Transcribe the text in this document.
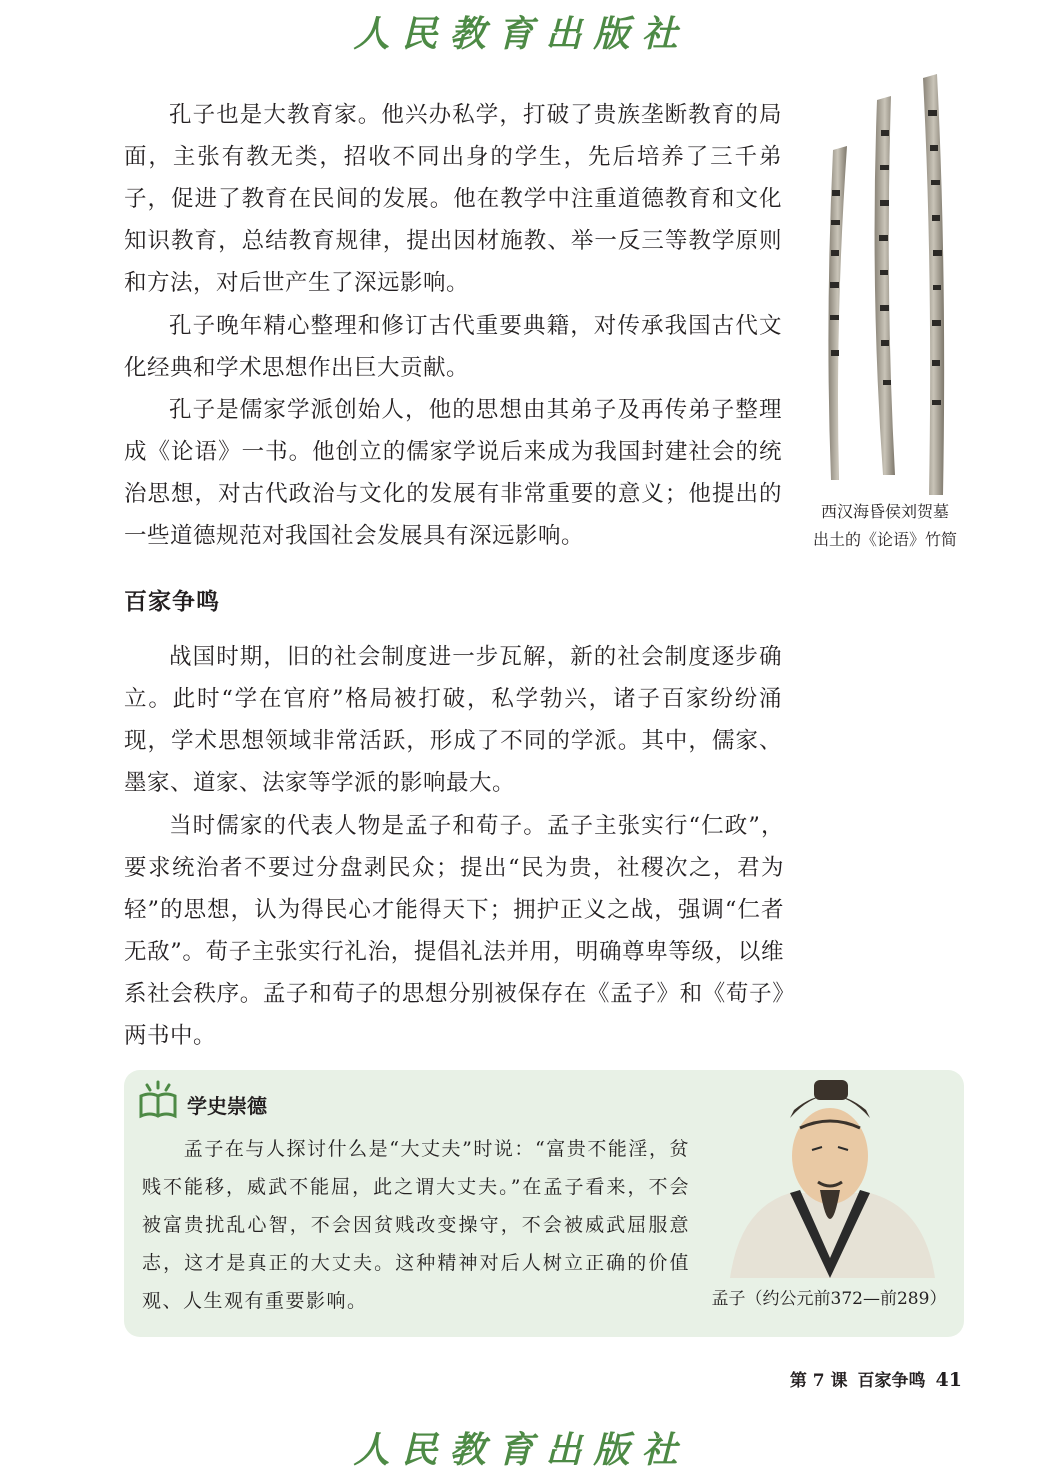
人民教育出版社

孔子也是大教育家。他兴办私学，打破了贵族垄断教育的局面，主张有教无类，招收不同出身的学生，先后培养了三千弟子，促进了教育在民间的发展。他在教学中注重道德教育和文化知识教育，总结教育规律，提出因材施教、举一反三等教学原则和方法，对后世产生了深远影响。

孔子晚年精心整理和修订古代重要典籍，对传承我国古代文化经典和学术思想作出巨大贡献。

孔子是儒家学派创始人，他的思想由其弟子及再传弟子整理成《论语》一书。他创立的儒家学说后来成为我国封建社会的统治思想，对古代政治与文化的发展有非常重要的意义；他提出的一些道德规范对我国社会发展具有深远影响。

西汉海昏侯刘贺墓

出土的《论语》竹简

百家争鸣

战国时期，旧的社会制度进一步瓦解，新的社会制度逐步确立。此时“学在官府”格局被打破，私学勃兴，诸子百家纷纷涌现，学术思想领域非常活跃，形成了不同的学派。其中，儒家、墨家、道家、法家等学派的影响最大。

当时儒家的代表人物是孟子和荀子。孟子主张实行“仁政”，要求统治者不要过分盘剥民众；提出“民为贵，社稷次之，君为轻”的思想，认为得民心才能得天下；拥护正义之战，强调“仁者无敌”。荀子主张实行礼治，提倡礼法并用，明确尊卑等级，以维系社会秩序。孟子和荀子的思想分别被保存在《孟子》和《荀子》两书中。

学史崇德

孟子在与人探讨什么是“大丈夫”时说：“富贵不能淫，贫贱不能移，威武不能屈，此之谓大丈夫。”在孟子看来，不会被富贵扰乱心智，不会因贫贱改变操守，不会被威武屈服意志，这才是真正的大丈夫。这种精神对后人树立正确的价值观、人生观有重要影响。	孟子（约公元前372—前289）

第 7 课 百家争鸣 41
人民教育出版社
